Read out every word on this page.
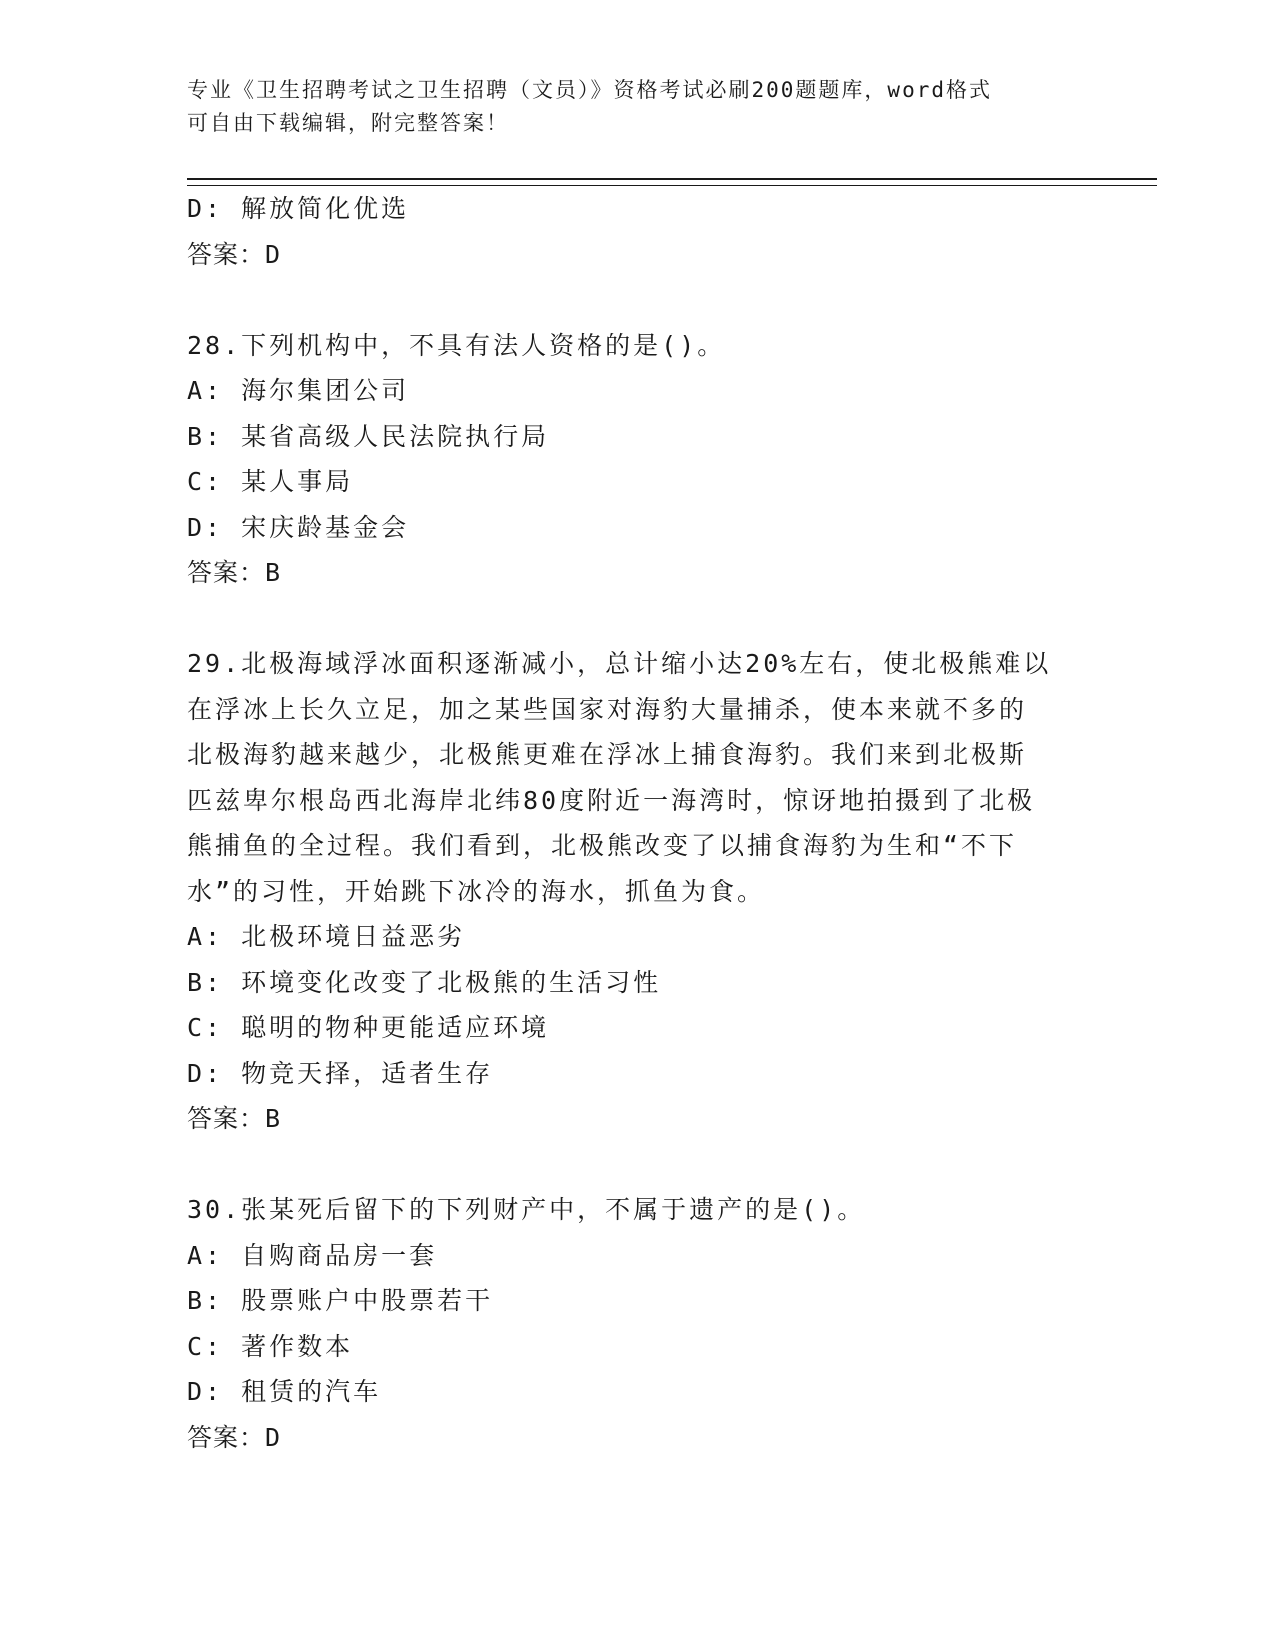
专业《卫生招聘考试之卫生招聘（文员）》资格考试必刷200题题库，word格式
可自由下载编辑，附完整答案！
D: 解放简化优选
答案：D
28.下列机构中，不具有法人资格的是()。
A: 海尔集团公司
B: 某省高级人民法院执行局
C: 某人事局
D: 宋庆龄基金会
答案：B
29.北极海域浮冰面积逐渐减小，总计缩小达20%左右，使北极熊难以
在浮冰上长久立足，加之某些国家对海豹大量捕杀，使本来就不多的
北极海豹越来越少，北极熊更难在浮冰上捕食海豹。我们来到北极斯
匹兹卑尔根岛西北海岸北纬80度附近一海湾时，惊讶地拍摄到了北极
熊捕鱼的全过程。我们看到，北极熊改变了以捕食海豹为生和“不下
水”的习性，开始跳下冰冷的海水，抓鱼为食。
A: 北极环境日益恶劣
B: 环境变化改变了北极熊的生活习性
C: 聪明的物种更能适应环境
D: 物竞天择，适者生存
答案：B
30.张某死后留下的下列财产中，不属于遗产的是()。
A: 自购商品房一套
B: 股票账户中股票若干
C: 著作数本
D: 租赁的汽车
答案：D
